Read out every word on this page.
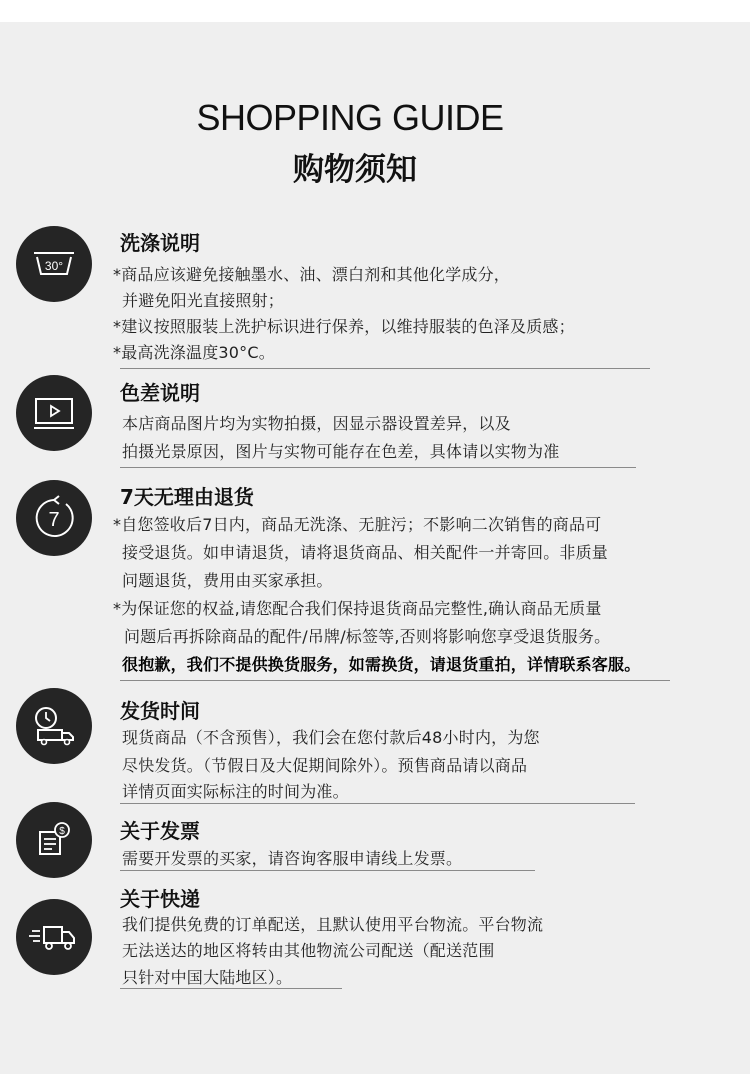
SHOPPING GUIDE
购物须知
30°
洗涤说明
*商品应该避免接触墨水、油、漂白剂和其他化学成分，
并避免阳光直接照射；
*建议按照服装上洗护标识进行保养，以维持服装的色泽及质感；
*最高洗涤温度30°C。
色差说明
本店商品图片均为实物拍摄，因显示器设置差异，以及
拍摄光景原因，图片与实物可能存在色差，具体请以实物为准
7
7天无理由退货
*自您签收后7日内，商品无洗涤、无脏污；不影响二次销售的商品可
接受退货。如申请退货，请将退货商品、相关配件一并寄回。非质量
问题退货，费用由买家承担。
*为保证您的权益,请您配合我们保持退货商品完整性,确认商品无质量
问题后再拆除商品的配件/吊牌/标签等,否则将影响您享受退货服务。
很抱歉，我们不提供换货服务，如需换货，请退货重拍，详情联系客服。
发货时间
现货商品（不含预售），我们会在您付款后48小时内，为您
尽快发货。（节假日及大促期间除外）。预售商品请以商品
详情页面实际标注的时间为准。
$	关于发票
需要开发票的买家，请咨询客服申请线上发票。
关于快递
我们提供免费的订单配送，且默认使用平台物流。平台物流
无法送达的地区将转由其他物流公司配送（配送范围
只针对中国大陆地区）。
